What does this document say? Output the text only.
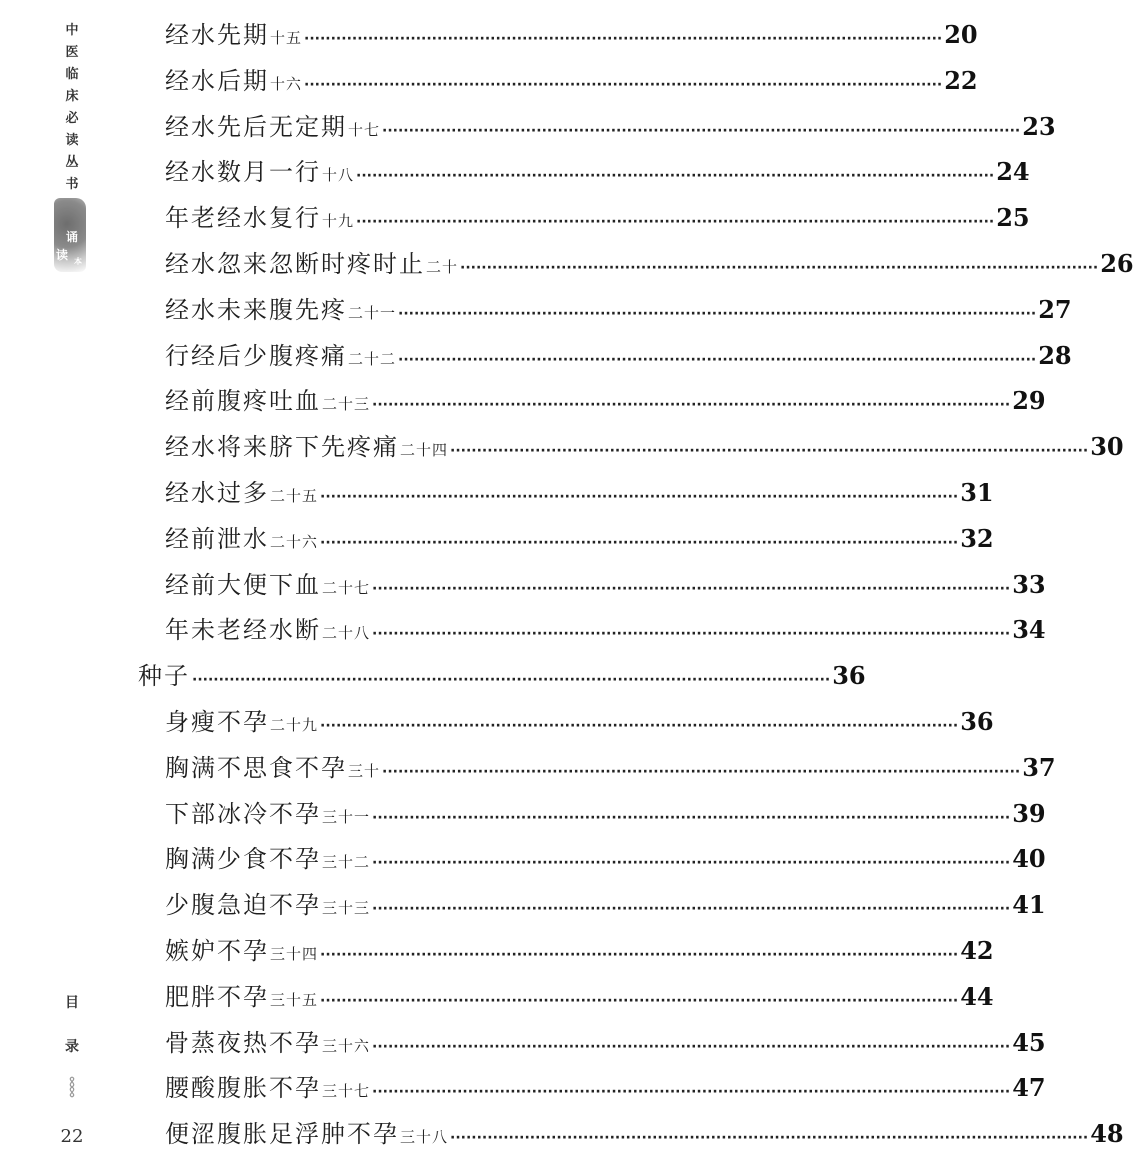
中
医
临
床
必
读
丛
书
诵
读 本
目
录
22
经水先期 十五 ························································································································ 20
经水后期 十六 ························································································································ 22
经水先后无定期 十七 ························································································································ 23
经水数月一行 十八 ························································································································ 24
年老经水复行 十九 ························································································································ 25
经水忽来忽断时疼时止 二十 ························································································································ 26
经水未来腹先疼 二十一 ························································································································ 27
行经后少腹疼痛 二十二 ························································································································ 28
经前腹疼吐血 二十三 ························································································································ 29
经水将来脐下先疼痛 二十四 ························································································································ 30
经水过多 二十五 ························································································································ 31
经前泄水 二十六 ························································································································ 32
经前大便下血 二十七 ························································································································ 33
年未老经水断 二十八 ························································································································ 34
种子 ························································································································ 36
身瘦不孕 二十九 ························································································································ 36
胸满不思食不孕 三十 ························································································································ 37
下部冰冷不孕 三十一 ························································································································ 39
胸满少食不孕 三十二 ························································································································ 40
少腹急迫不孕 三十三 ························································································································ 41
嫉妒不孕 三十四 ························································································································ 42
肥胖不孕 三十五 ························································································································ 44
骨蒸夜热不孕 三十六 ························································································································ 45
腰酸腹胀不孕 三十七 ························································································································ 47
便涩腹胀足浮肿不孕 三十八 ························································································································ 48
